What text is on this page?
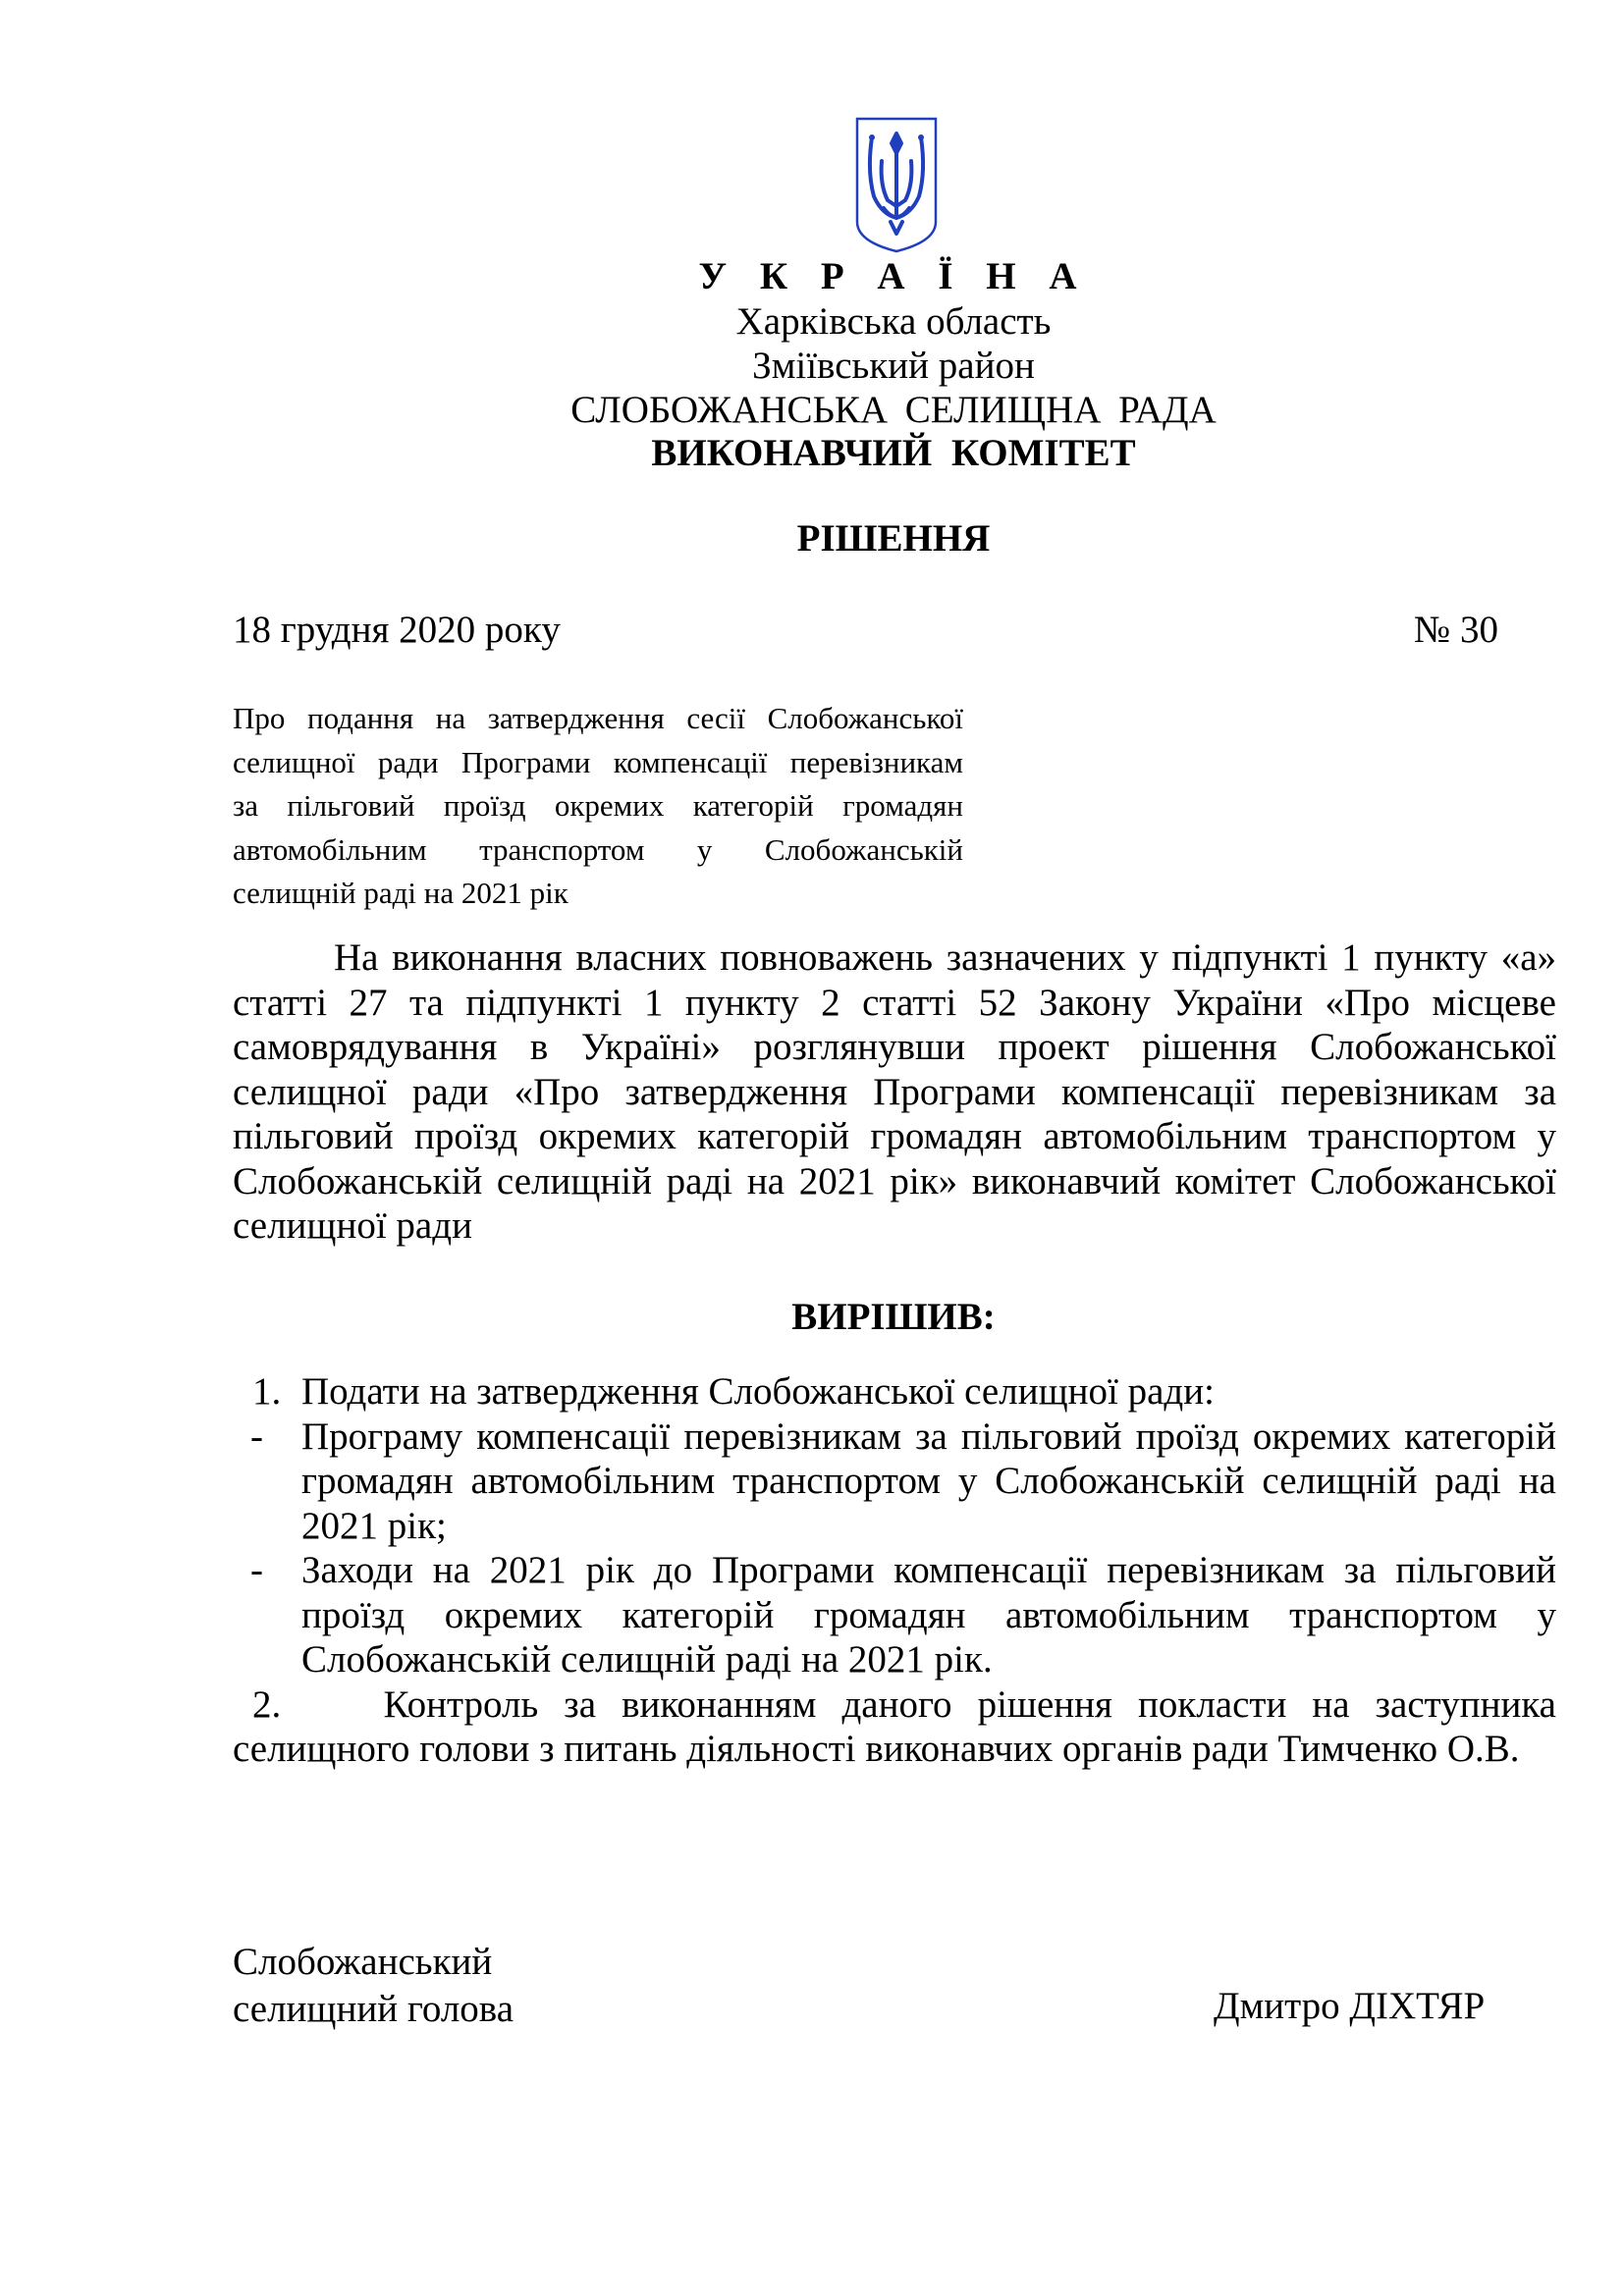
У К Р А Ї Н А
Харківська область
Зміївський район
СЛОБОЖАНСЬКА СЕЛИЩНА РАДА
ВИКОНАВЧИЙ КОМІТЕТ
РІШЕННЯ
18 грудня 2020 року	№ 30
Про подання на затвердження сесії Слобожанської
селищної ради Програми компенсації перевізникам
за пільговий проїзд окремих категорій громадян
автомобільним транспортом у Слобожанській
селищній раді на 2021 рік
На виконання власних повноважень зазначених у підпункті 1 пункту «а»
статті 27 та підпункті 1 пункту 2 статті 52 Закону України «Про місцеве
самоврядування в Україні» розглянувши проект рішення Слобожанської
селищної ради «Про затвердження Програми компенсації перевізникам за
пільговий проїзд окремих категорій громадян автомобільним транспортом у
Слобожанській селищній раді на 2021 рік» виконавчий комітет Слобожанської
селищної ради
ВИРІШИВ:
1. Подати на затвердження Слобожанської селищної ради:
-	Програму компенсації перевізникам за пільговий проїзд окремих категорій
громадян автомобільним транспортом у Слобожанській селищній раді на
2021 рік;
-	Заходи на 2021 рік до Програми компенсації перевізникам за пільговий
проїзд окремих категорій громадян автомобільним транспортом у
Слобожанській селищній раді на 2021 рік.
2.    Контроль за виконанням даного рішення покласти на заступника
селищного голови з питань діяльності виконавчих органів ради Тимченко О.В.
Слобожанський
селищний голова	Дмитро ДІХТЯР
